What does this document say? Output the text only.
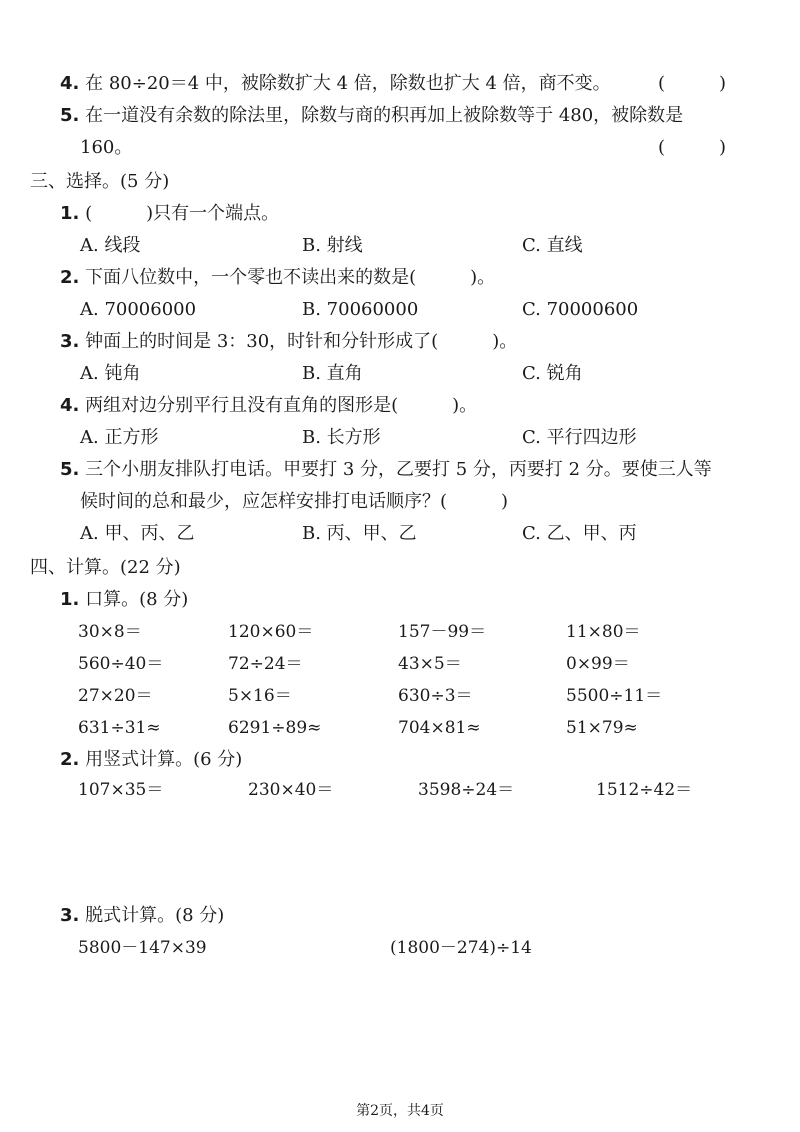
4. 在 80÷20＝4 中，被除数扩大 4 倍，除数也扩大 4 倍，商不变。	(　　　)
5. 在一道没有余数的除法里，除数与商的积再加上被除数等于 480，被除数是
160。	(　　　)
三、选择。(5 分)
1. (　　　)只有一个端点。
A. 线段	B. 射线	C. 直线
2. 下面八位数中，一个零也不读出来的数是(　　　)。
A. 70006000	B. 70060000	C. 70000600
3. 钟面上的时间是 3：30，时针和分针形成了(　　　)。
A. 钝角	B. 直角	C. 锐角
4. 两组对边分别平行且没有直角的图形是(　　　)。
A. 正方形	B. 长方形	C. 平行四边形
5. 三个小朋友排队打电话。甲要打 3 分，乙要打 5 分，丙要打 2 分。要使三人等
候时间的总和最少，应怎样安排打电话顺序？(　　　)
A. 甲、丙、乙	B. 丙、甲、乙	C. 乙、甲、丙
四、计算。(22 分)
1. 口算。(8 分)
30×8＝	120×60＝	157－99＝	11×80＝
560÷40＝	72÷24＝	43×5＝	0×99＝
27×20＝	5×16＝	630÷3＝	5500÷11＝
631÷31≈	6291÷89≈	704×81≈	51×79≈
2. 用竖式计算。(6 分)
107×35＝	230×40＝	3598÷24＝	1512÷42＝
3. 脱式计算。(8 分)
5800－147×39	(1800－274)÷14
第2页，共4页
